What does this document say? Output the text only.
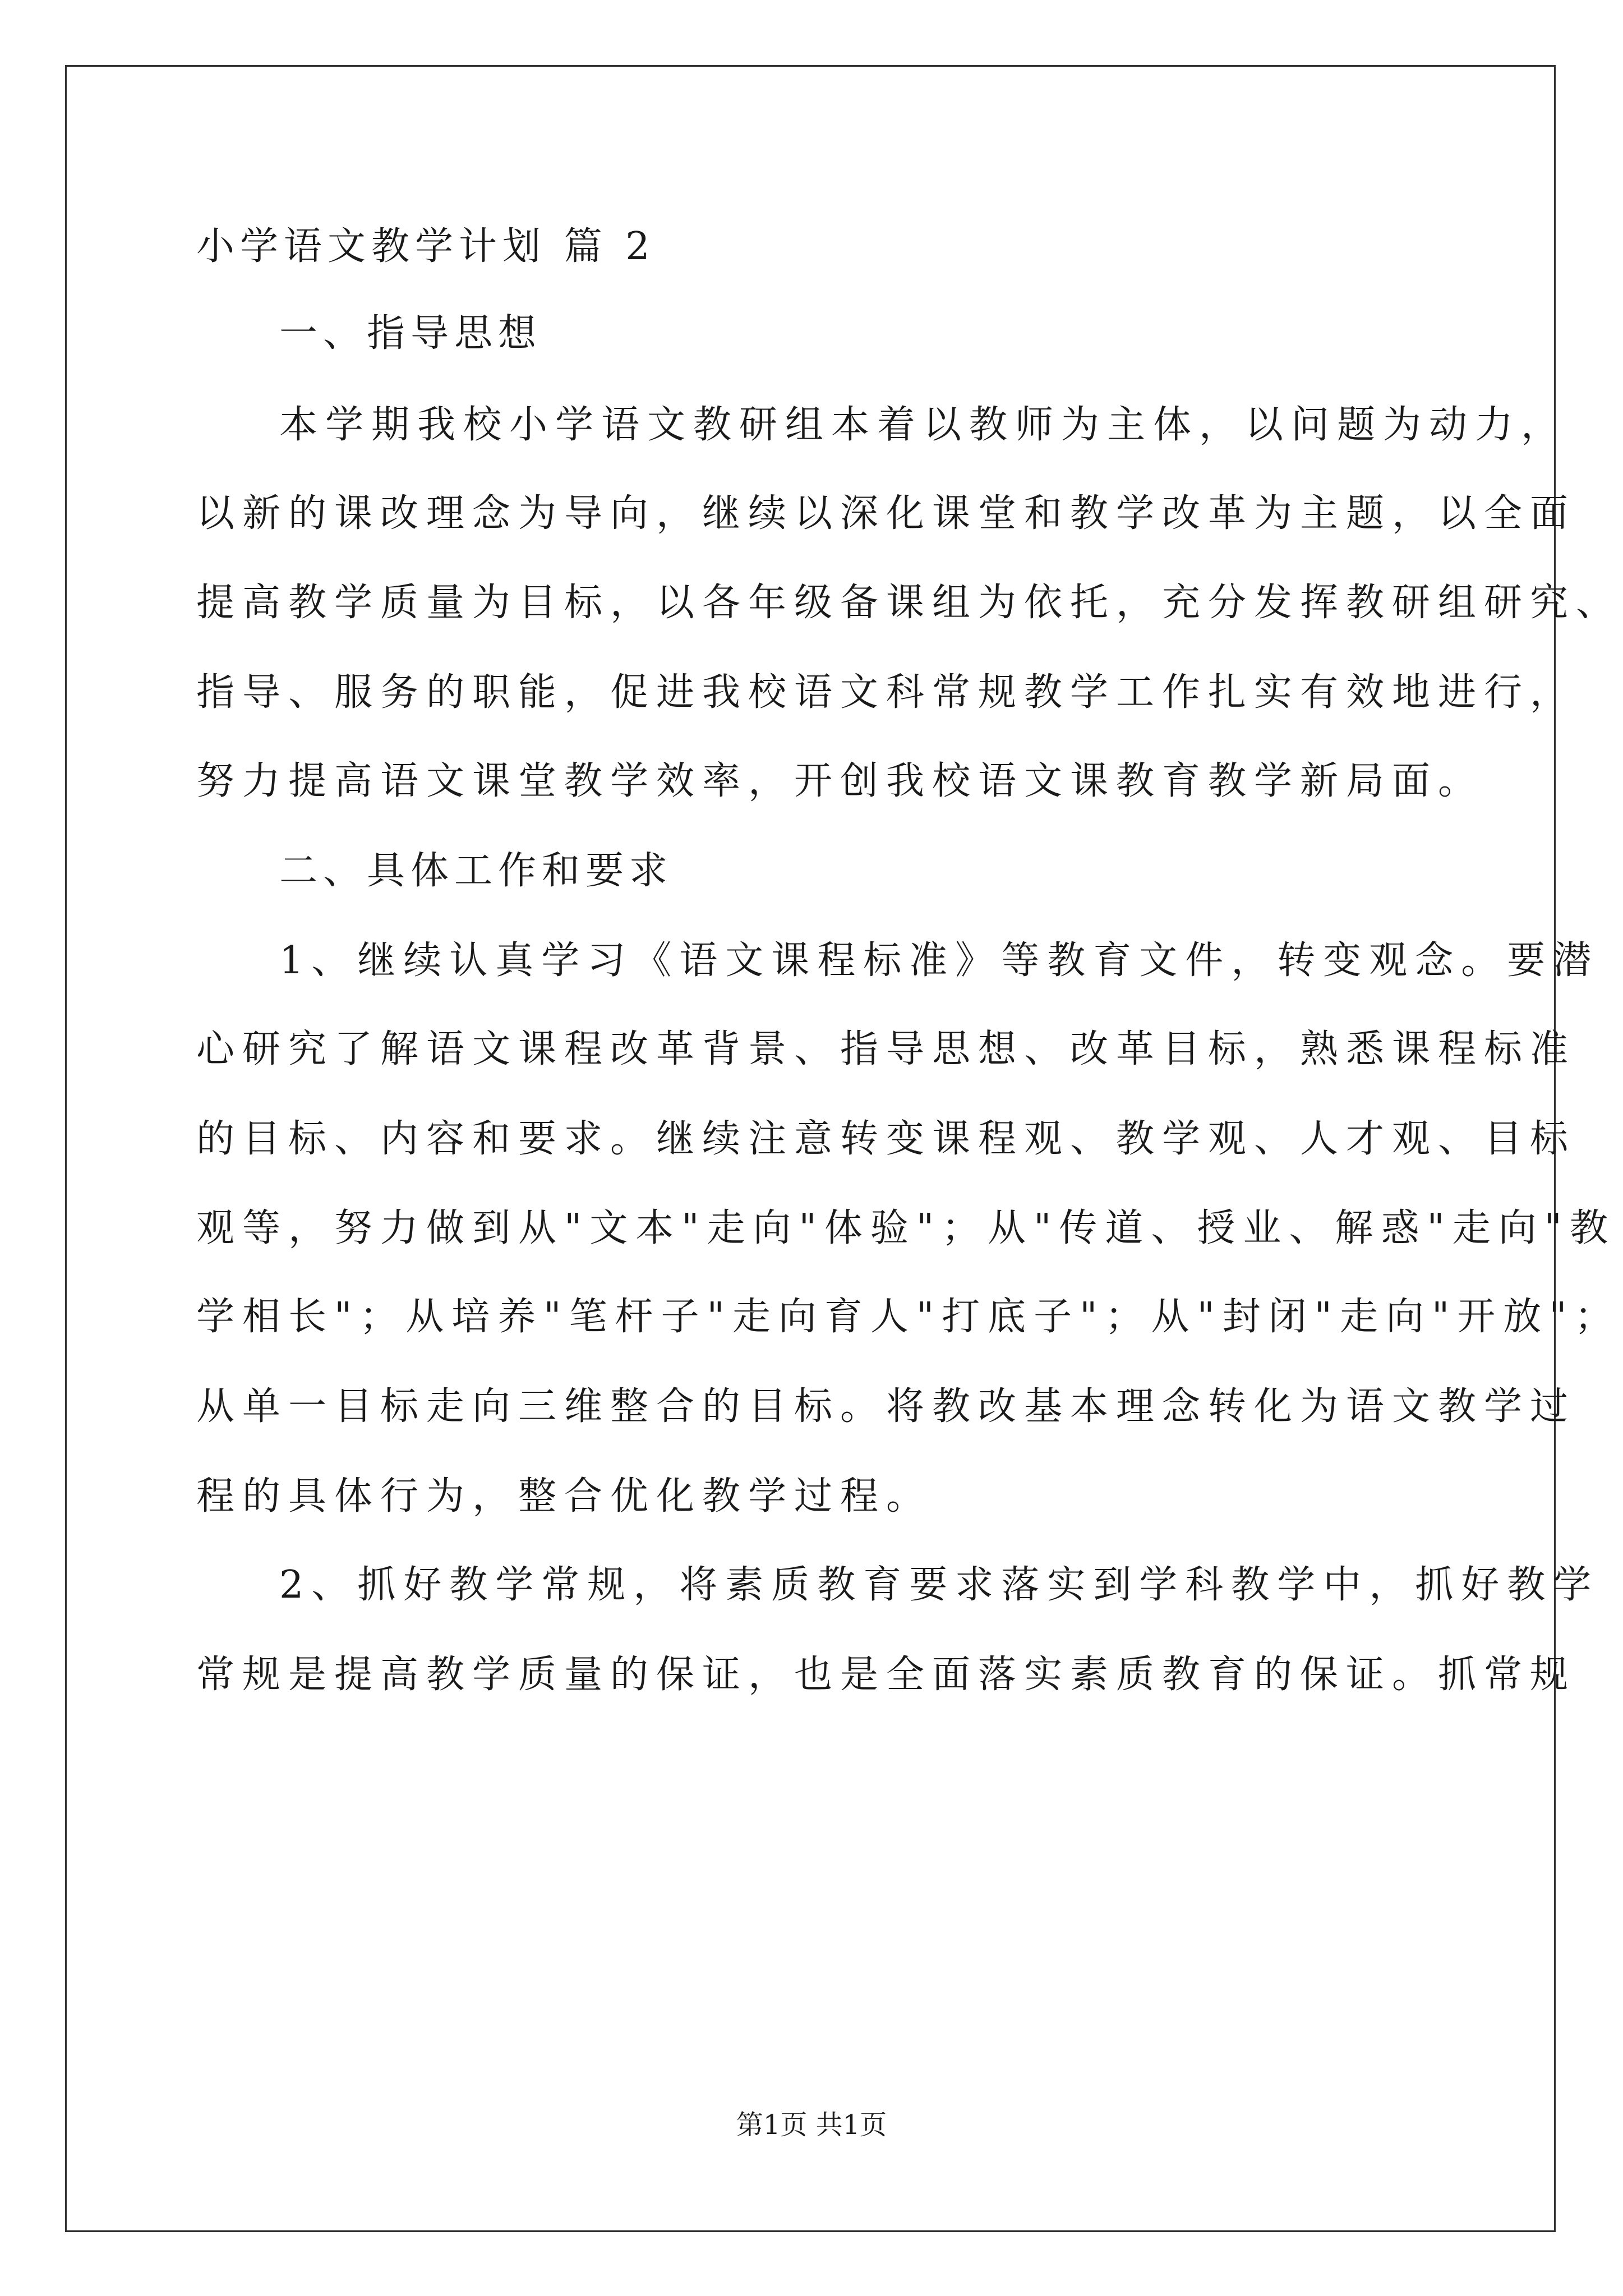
小学语文教学计划 篇 2
一、指导思想
本学期我校小学语文教研组本着以教师为主体，以问题为动力，
以新的课改理念为导向，继续以深化课堂和教学改革为主题，以全面
提高教学质量为目标，以各年级备课组为依托，充分发挥教研组研究、
指导、服务的职能，促进我校语文科常规教学工作扎实有效地进行，
努力提高语文课堂教学效率，开创我校语文课教育教学新局面。
二、具体工作和要求
1、继续认真学习《语文课程标准》等教育文件，转变观念。要潜
心研究了解语文课程改革背景、指导思想、改革目标，熟悉课程标准
的目标、内容和要求。继续注意转变课程观、教学观、人才观、目标
观等，努力做到从"文本"走向"体验"；从"传道、授业、解惑"走向"教
学相长"；从培养"笔杆子"走向育人"打底子"；从"封闭"走向"开放"；
从单一目标走向三维整合的目标。将教改基本理念转化为语文教学过
程的具体行为，整合优化教学过程。
2、抓好教学常规，将素质教育要求落实到学科教学中，抓好教学
常规是提高教学质量的保证，也是全面落实素质教育的保证。抓常规
第1页 共1页
